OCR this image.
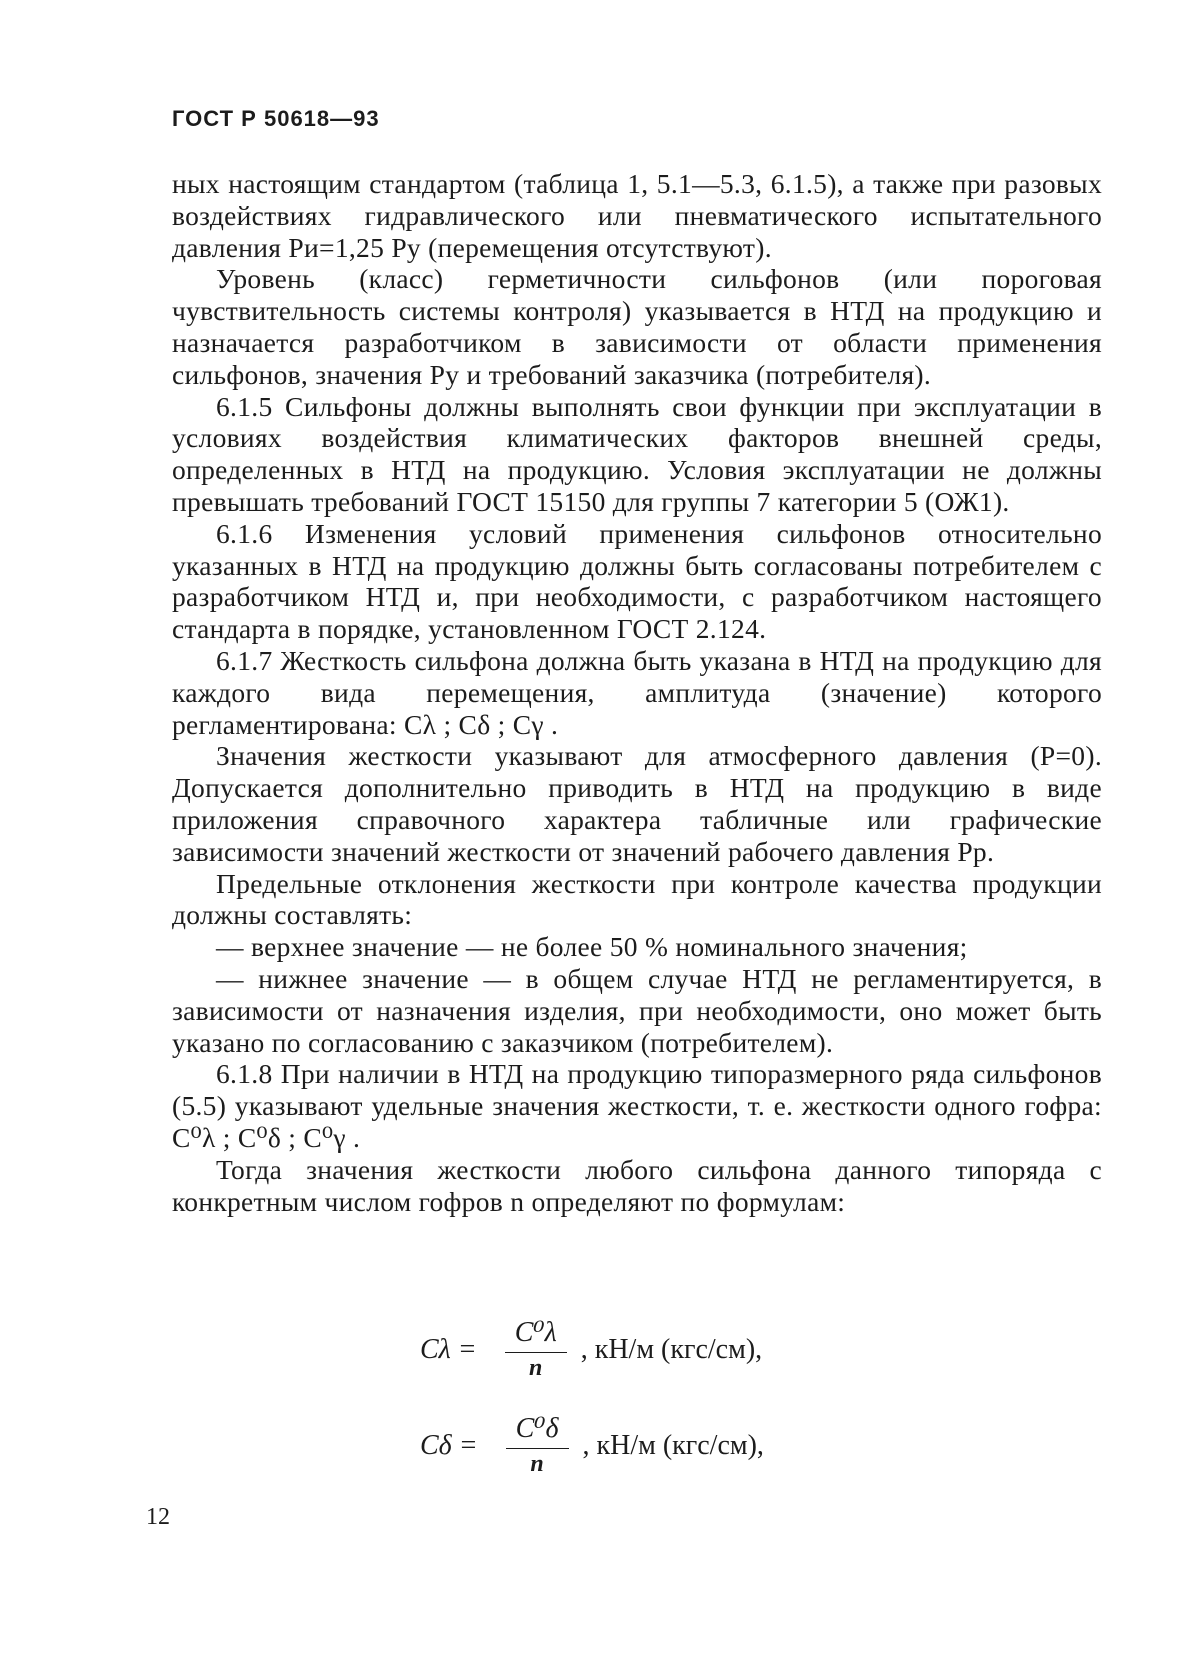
ГОСТ Р 50618—93

ных настоящим стандартом (таблица 1, 5.1—5.3, 6.1.5), а также при разовых воздействиях гидравлического или пневматического испытательного давления Pи=1,25 Pу (перемещения отсутствуют).

Уровень (класс) герметичности сильфонов (или пороговая чувствительность системы контроля) указывается в НТД на продукцию и назначается разработчиком в зависимости от области применения сильфонов, значения Pу и требований заказчика (потребителя).

6.1.5 Сильфоны должны выполнять свои функции при эксплуатации в условиях воздействия климатических факторов внешней среды, определенных в НТД на продукцию. Условия эксплуатации не должны превышать требований ГОСТ 15150 для группы 7 категории 5 (ОЖ1).

6.1.6 Изменения условий применения сильфонов относительно указанных в НТД на продукцию должны быть согласованы потребителем с разработчиком НТД и, при необходимости, с разработчиком настоящего стандарта в порядке, установленном ГОСТ 2.124.

6.1.7 Жесткость сильфона должна быть указана в НТД на продукцию для каждого вида перемещения, амплитуда (значение) которого регламентирована: Cλ ; Cδ ; Cγ .

Значения жесткости указывают для атмосферного давления (P=0). Допускается дополнительно приводить в НТД на продукцию в виде приложения справочного характера табличные или графические зависимости значений жесткости от значений рабочего давления Pр.

Предельные отклонения жесткости при контроле качества продукции должны составлять:

— верхнее значение — не более 50 % номинального значения;

— нижнее значение — в общем случае НТД не регламентируется, в зависимости от назначения изделия, при необходимости, оно может быть указано по согласованию с заказчиком (потребителем).

6.1.8 При наличии в НТД на продукцию типоразмерного ряда сильфонов (5.5) указывают удельные значения жесткости, т. е. жесткости одного гофра: C⁰λ ; C⁰δ ; C⁰γ .

Тогда значения жесткости любого сильфона данного типоряда с конкретным числом гофров n определяют по формулам:

$C\lambda = \frac{\text{C⁰λ}}{n}$ , кН/м (кгс/см),
$C\delta = \frac{\text{C⁰δ}}{n}$ , кН/м (кгс/см),
12
